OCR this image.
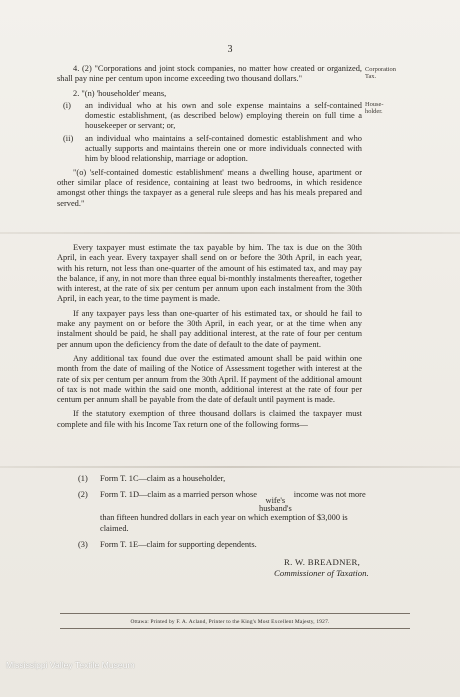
3
Corporation Tax.
House-holder.

4. (2) "Corporations and joint stock companies, no matter how created or organized, shall pay nine per centum upon income exceeding two thousand dollars."

2. "(n) 'householder' means,

(i)	an individual who at his own and sole expense maintains a self-contained domestic establishment, (as described below) employing therein on full time a housekeeper or servant; or,
(ii)	an individual who maintains a self-contained domestic establishment and who actually supports and maintains therein one or more individuals connected with him by blood relationship, marriage or adoption.

"(o) 'self-contained domestic establishment' means a dwelling house, apartment or other similar place of residence, containing at least two bedrooms, in which residence amongst other things the taxpayer as a general rule sleeps and has his meals prepared and served."

Every taxpayer must estimate the tax payable by him. The tax is due on the 30th April, in each year. Every taxpayer shall send on or before the 30th April, in each year, with his return, not less than one-quarter of the amount of his estimated tax, and may pay the balance, if any, in not more than three equal bi-monthly instalments thereafter, together with interest, at the rate of six per centum per annum upon each instalment from the 30th April, in each year, to the time payment is made.

If any taxpayer pays less than one-quarter of his estimated tax, or should he fail to make any payment on or before the 30th April, in each year, or at the time when any instalment should be paid, he shall pay additional interest, at the rate of four per centum per annum upon the deficiency from the date of default to the date of payment.

Any additional tax found due over the estimated amount shall be paid within one month from the date of mailing of the Notice of Assessment together with interest at the rate of six per centum per annum from the 30th April. If payment of the additional amount of tax is not made within the said one month, additional interest at the rate of four per centum per annum shall be payable from the date of default until payment is made.

If the statutory exemption of three thousand dollars is claimed the taxpayer must complete and file with his Income Tax return one of the following forms—

(1)	Form T. 1C—claim as a householder,
(2)	Form T. 1D—claim as a married person whose
wife's
husband's
income was not more than fifteen hundred dollars in each year on which exemption of $3,000 is claimed.
(3)	Form T. 1E—claim for supporting dependents.
R. W. BREADNER,
Commissioner of Taxation.
Ottawa: Printed by F. A. Acland, Printer to the King's Most Excellent Majesty, 1927.
Mississippi Valley Textile Museum
